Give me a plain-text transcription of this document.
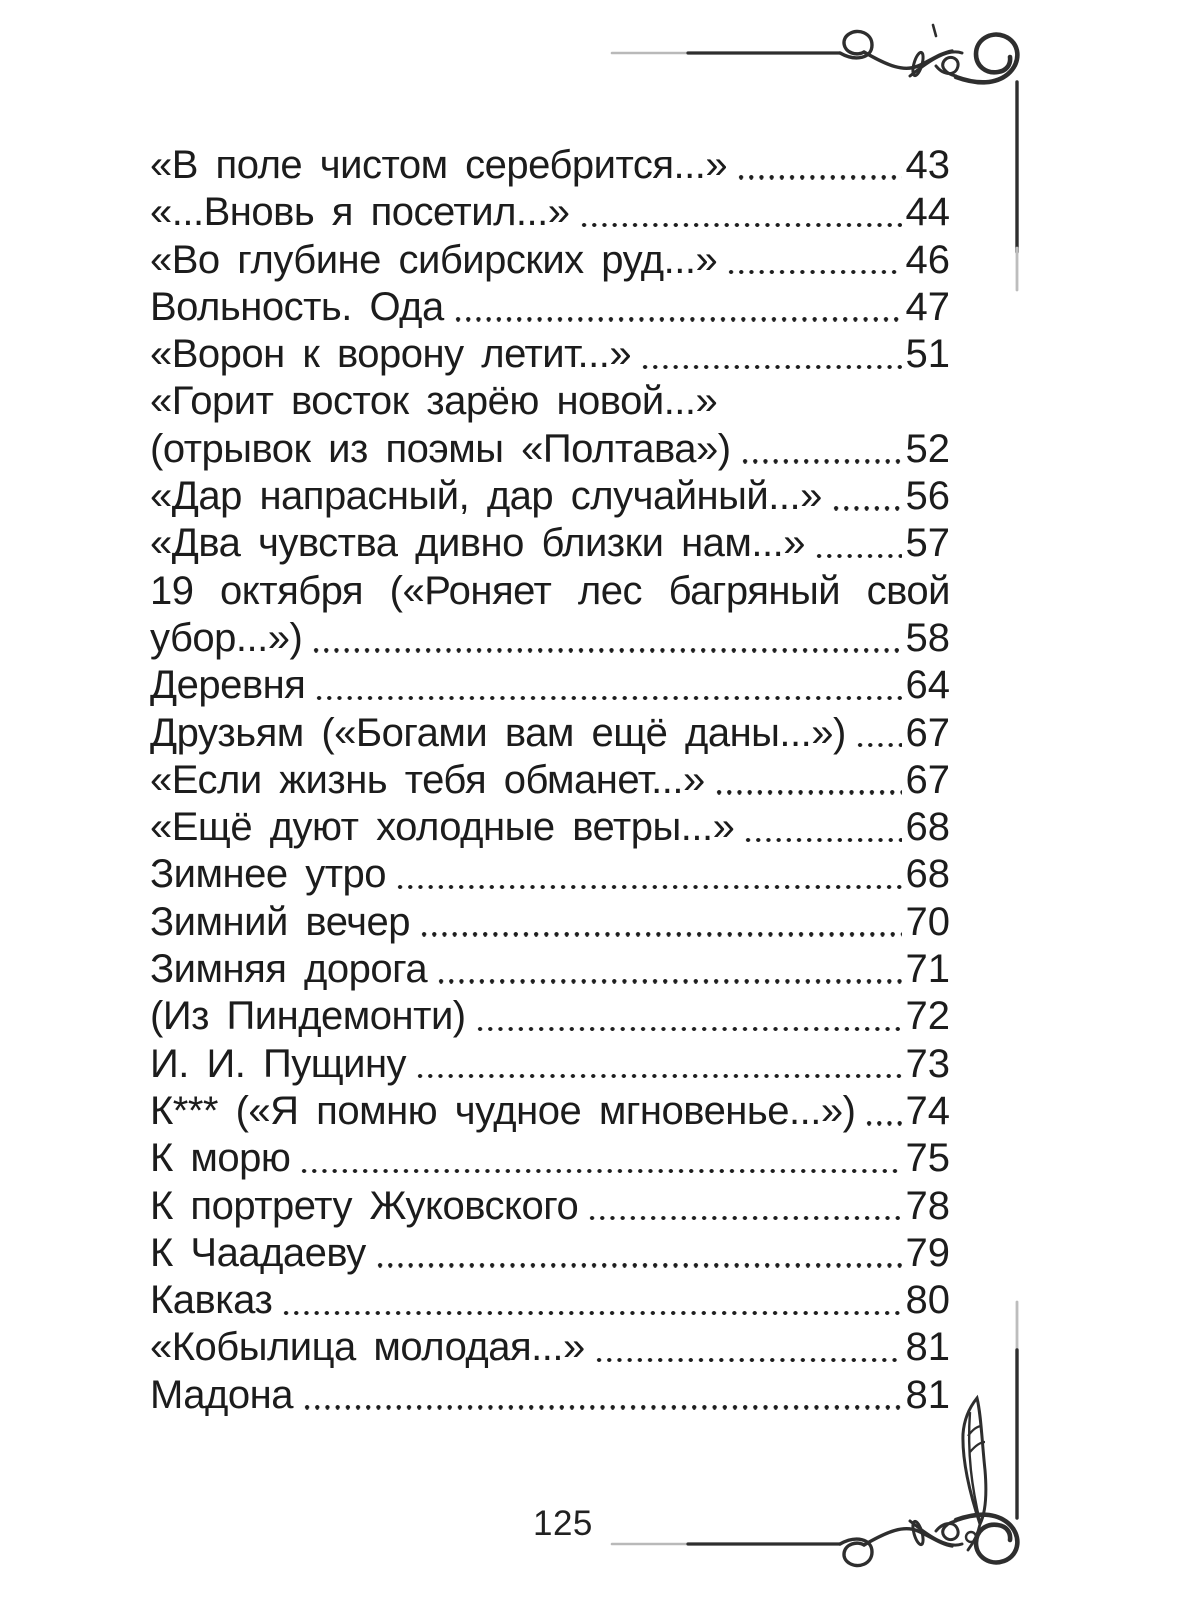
«В поле чистом серебрится...»	43
«...Вновь я посетил...»	44
«Во глубине сибирских руд...»	46
Вольность. Ода	47
«Ворон к ворону летит...»	51
«Горит восток зарёю новой...»
(отрывок из поэмы «Полтава»)	52
«Дар напрасный, дар случайный...» 56
«Два чувства дивно близки нам...»	57
19 октября («Роняет лес багряный свой
убор...»)	58
Деревня	64
Друзьям («Богами вам ещё даны...») 67
«Если жизнь тебя обманет...»	67
«Ещё дуют холодные ветры...»	68
Зимнее утро	68
Зимний вечер	70
Зимняя дорога	71
(Из Пиндемонти)	72
И. И. Пущину	73
К*** («Я помню чудное мгновенье...») 74
К морю	75
К портрету Жуковского	78
К Чаадаеву	79
Кавказ	80
«Кобылица молодая...»	81
Мадона	81
125
